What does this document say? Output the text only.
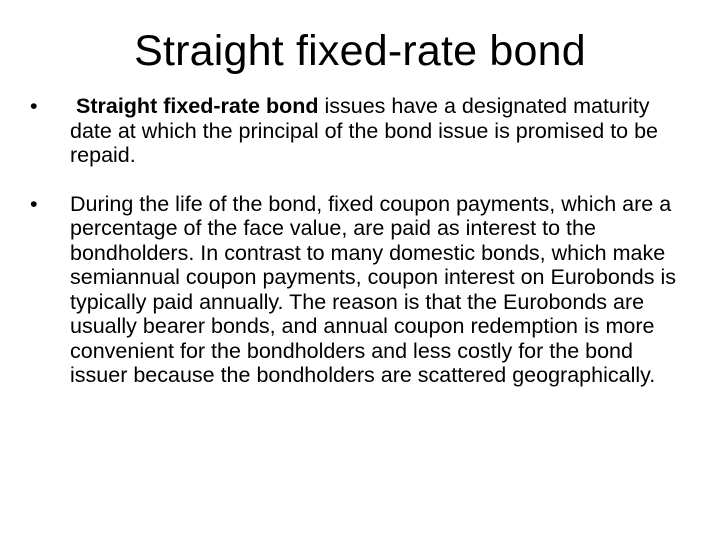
Straight fixed-rate bond
• Straight fixed-rate bond issues have a designated maturity date at which the principal of the bond issue is promised to be repaid.
• During the life of the bond, fixed coupon payments, which are a percentage of the face value, are paid as interest to the bondholders. In contrast to many domestic bonds, which make semiannual coupon payments, coupon interest on Eurobonds is typically paid annually. The reason is that the Eurobonds are usually bearer bonds, and annual coupon redemption is more convenient for the bondholders and less costly for the bond issuer because the bondholders are scattered geographically.
